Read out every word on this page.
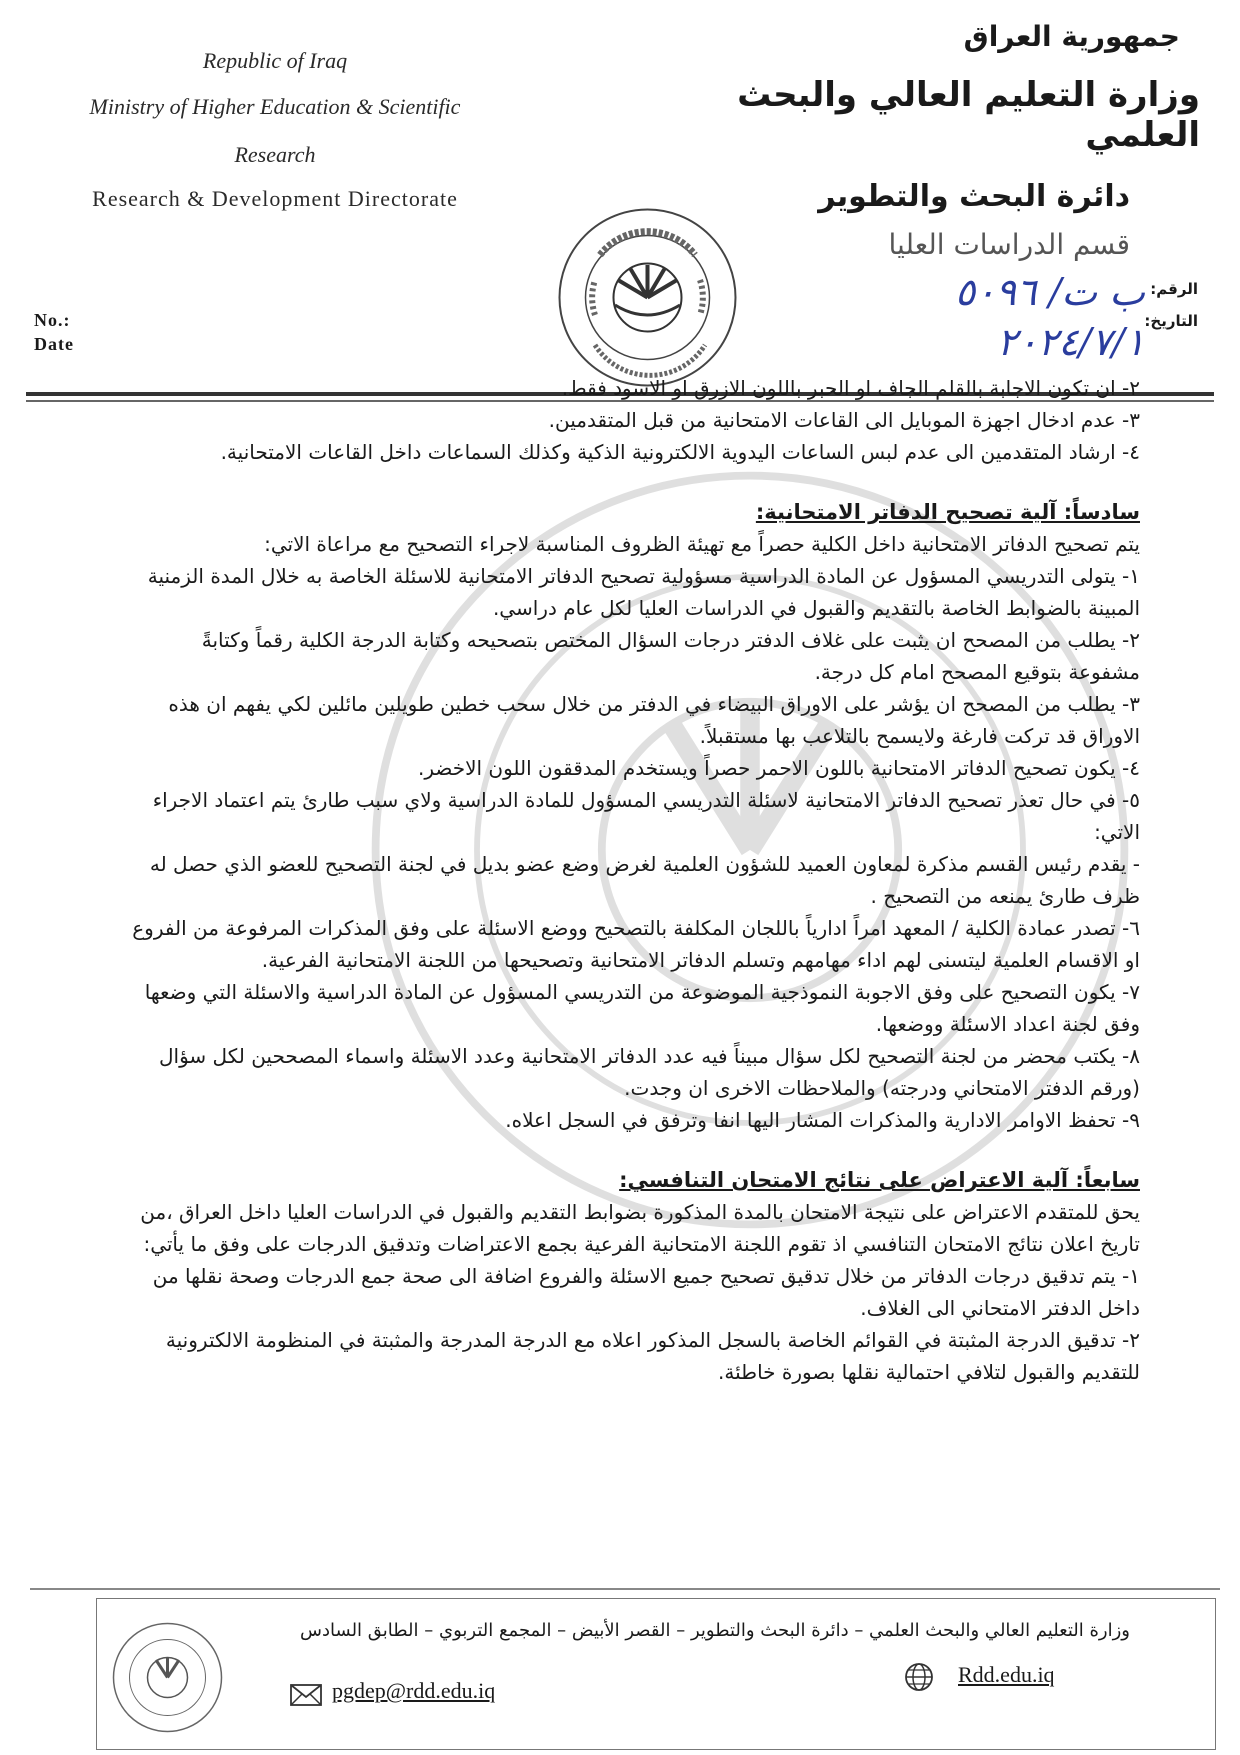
Republic of Iraq
Ministry of Higher Education & Scientific
Research
Research & Development Directorate
No.:
Date
جمهورية العراق
وزارة التعليم العالي والبحث العلمي
دائرة البحث والتطوير
قسم الدراسات العليا
الرقم:
التاريخ:
ب ت/ ٥٠٩٦
٢٠٢٤/٧/١

٢- ان تكون الاجابة بالقلم الجاف او الحبر باللون الازرق او الاسود فقط.

٣- عدم ادخال اجهزة الموبايل الى القاعات الامتحانية من قبل المتقدمين.

٤- ارشاد المتقدمين الى عدم لبس الساعات اليدوية الالكترونية الذكية وكذلك السماعات داخل القاعات الامتحانية.

سادساً: آلية تصحيح الدفاتر الامتحانية:

يتم تصحيح الدفاتر الامتحانية داخل الكلية حصراً مع تهيئة الظروف المناسبة لاجراء التصحيح مع مراعاة الاتي:

١- يتولى التدريسي المسؤول عن المادة الدراسية مسؤولية تصحيح الدفاتر الامتحانية للاسئلة الخاصة به خلال المدة الزمنية المبينة بالضوابط الخاصة بالتقديم والقبول في الدراسات العليا لكل عام دراسي.

٢- يطلب من المصحح ان يثبت على غلاف الدفتر درجات السؤال المختص بتصحيحه وكتابة الدرجة الكلية رقماً وكتابةً مشفوعة بتوقيع المصحح امام كل درجة.

٣- يطلب من المصحح ان يؤشر على الاوراق البيضاء في الدفتر من خلال سحب خطين طويلين مائلين لكي يفهم ان هذه الاوراق قد تركت فارغة ولايسمح بالتلاعب بها مستقبلاً.

٤- يكون تصحيح الدفاتر الامتحانية باللون الاحمر حصراً ويستخدم المدققون اللون الاخضر.

٥- في حال تعذر تصحيح الدفاتر الامتحانية لاسئلة التدريسي المسؤول للمادة الدراسية ولاي سبب طارئ يتم اعتماد الاجراء الاتي:

- يقدم رئيس القسم مذكرة لمعاون العميد للشؤون العلمية لغرض وضع عضو بديل في لجنة التصحيح للعضو الذي حصل له ظرف طارئ يمنعه من التصحيح .

٦- تصدر عمادة الكلية / المعهد امراً ادارياً باللجان المكلفة بالتصحيح ووضع الاسئلة على وفق المذكرات المرفوعة من الفروع او الاقسام العلمية ليتسنى لهم اداء مهامهم وتسلم الدفاتر الامتحانية وتصحيحها من اللجنة الامتحانية الفرعية.

٧- يكون التصحيح على وفق الاجوبة النموذجية الموضوعة من التدريسي المسؤول عن المادة الدراسية والاسئلة التي وضعها وفق لجنة اعداد الاسئلة ووضعها.

٨- يكتب محضر من لجنة التصحيح لكل سؤال مبيناً فيه عدد الدفاتر الامتحانية وعدد الاسئلة واسماء المصححين لكل سؤال (ورقم الدفتر الامتحاني ودرجته) والملاحظات الاخرى ان وجدت.

٩- تحفظ الاوامر الادارية والمذكرات المشار اليها انفا وترفق في السجل اعلاه.

سابعاً: آلية الاعتراض على نتائج الامتحان التنافسي:

يحق للمتقدم الاعتراض على نتيجة الامتحان بالمدة المذكورة بضوابط التقديم والقبول في الدراسات العليا داخل العراق ،من تاريخ اعلان نتائج الامتحان التنافسي اذ تقوم اللجنة الامتحانية الفرعية بجمع الاعتراضات وتدقيق الدرجات على وفق ما يأتي:

١- يتم تدقيق درجات الدفاتر من خلال تدقيق تصحيح جميع الاسئلة والفروع اضافة الى صحة جمع الدرجات وصحة نقلها من داخل الدفتر الامتحاني الى الغلاف.

٢- تدقيق الدرجة المثبتة في القوائم الخاصة بالسجل المذكور اعلاه مع الدرجة المدرجة والمثبتة في المنظومة الالكترونية للتقديم والقبول لتلافي احتمالية نقلها بصورة خاطئة.

وزارة التعليم العالي والبحث العلمي – دائرة البحث والتطوير – القصر الأبيض – المجمع التربوي – الطابق السادس
pgdep@rdd.edu.iq
Rdd.edu.iq
